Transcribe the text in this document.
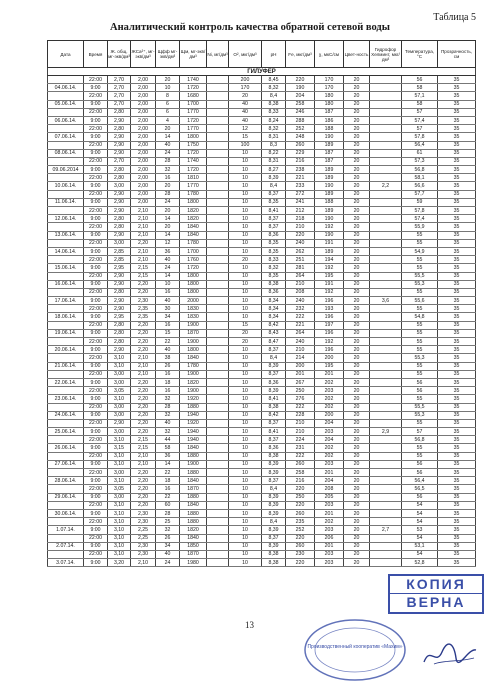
Таблица 5
Аналитический контроль качества обратной сетевой воды
Дата	Время	Ж. общ. мг-экв/дм³	ЖСа²⁺, мг-экв/дм³	Щфф мг-экв/дм³	Щм, мг-экв/дм³	Ni, мг/дм³	О², мкг/дм³	pH	Fe, мкг/дм³	χ, мкС/см	Цвет-ность	Гидрофор Хелминт, мкг/дм³	Температура, °С	Прозрачность, см
ГИЛУФЕР														
	22:00	2,70	2,00	20	1740		200	8,45	220	170	20		56	35
04.06.14.	9:00	2,70	2,00	10	1720		170	8,32	190	170	20		58	35
	22:00	2,70	2,00	8	1680		20	8,4	204	180	20		57,1	35
05.06.14.	9:00	2,70	2,00	6	1700		40	8,38	258	180	20		58	35
	22:00	2,80	2,00	6	1770		40	8,33	246	187	20		57	35
06.06.14.	9:00	2,90	2,00	4	1720		40	8,24	288	186	20		57,4	35
	22:00	2,80	2,00	20	1770		12	8,32	252	188	20		57	35
07.06.14.	9:00	2,90	2,00	14	1800		15	8,31	248	190	20		57,8	35
	22:00	2,90	2,00	40	1750		100	8,3	260	189	20		56,4	35
08.06.14.	9:00	2,90	2,00	24	1720		10	8,22	229	187	20		61	35
	22:00	2,70	2,00	28	1740		10	8,31	216	187	20		57,3	35
09.06.2014	9:00	2,80	2,00	32	1720		10	8,27	238	189	20		56,8	35
	22:00	2,80	2,00	16	1810		10	8,39	221	189	20		58,1	35
10.06.14.	9:00	3,00	2,00	20	1770		10	8,4	233	190	20	2,2	56,6	35
	22:00	2,90	2,00	28	1780		10	8,37	272	189	20		57,7	35
11.06.14.	9:00	2,90	2,00	24	1800		10	8,35	241	188	20		59	35
	22:00	2,90	2,10	20	1820		10	8,41	212	189	20		57,8	35
12.06.14.	9:00	2,80	2,10	14	1820		10	8,37	218	190	20		57,4	35
	22:00	2,80	2,10	20	1840		10	8,37	210	192	20		55,9	35
13.06.14.	9:00	2,90	2,10	14	1840		10	8,36	220	190	20		55	35
	22:00	3,00	2,20	12	1780		10	8,35	240	191	20		55	35
14.06.14.	9:00	2,85	2,10	36	1700		10	8,35	262	189	20		54,9	35
	22:00	2,85	2,10	40	1760		20	8,33	251	194	20		55	35
15.06.14.	9:00	2,95	2,15	24	1720		10	8,32	281	192	20		55	35
	22:00	2,90	2,15	14	1800		10	8,35	264	195	20		55,5	35
16.06.14.	9:00	2,90	2,20	10	1800		10	8,38	210	191	20		55,3	35
	22:00	2,80	2,20	16	1800		10	8,36	208	192	20		55	35
17.06.14.	9:00	2,90	2,30	40	2000		10	8,34	240	196	20	3,6	55,6	35
	22:00	2,90	2,35	30	1830		10	8,34	232	193	20		55	35
18.06.14.	9:00	2,95	2,35	34	1830		10	8,34	222	196	20		54,8	35
	22:00	2,80	2,20	16	1900		15	8,42	221	197	20		55	35
19.06.14.	9:00	2,80	2,20	15	1870		20	8,43	264	196	20		55	35
	22:00	2,80	2,20	22	1900		20	8,47	240	192	20		55	35
20.06.14.	9:00	2,90	2,20	40	1800		10	8,37	210	196	20		55	35
	22:00	3,10	2,10	38	1840		10	8,4	214	200	20		55,3	35
21.06.14.	9:00	3,10	2,10	26	1780		10	8,39	200	195	20		55	35
	22:00	3,00	2,10	16	1900		10	8,37	201	201	20		55	35
22.06.14.	9:00	3,00	2,20	18	1820		10	8,36	267	202	20		56	35
	22:00	3,05	2,20	16	1900		10	8,39	250	203	20		56	35
23.06.14.	9:00	3,10	2,20	32	1920		10	8,41	276	202	20		55	35
	22:00	3,00	2,20	28	1880		10	8,38	222	202	20		55,5	35
24.06.14.	9:00	3,00	2,20	32	1940		10	8,42	228	200	20		55,3	35
	22:00	2,90	2,20	40	1920		10	8,37	210	204	20		55	35
25.06.14.	9:00	3,00	2,20	32	1940		10	8,41	210	203	20	2,9	57	35
	22:00	3,10	2,15	44	1940		10	8,37	224	204	20		56,8	35
26.06.14.	9:00	3,15	2,15	58	1840		10	8,36	231	202	20		55	35
	22:00	3,10	2,10	36	1880		10	8,38	222	202	20		55	35
27.06.14.	9:00	3,10	2,10	14	1900		10	8,39	260	203	20		56	35
	22:00	3,00	2,20	22	1880		10	8,39	258	201	20		56	35
28.06.14.	9:00	3,10	2,20	18	1840		10	8,37	216	204	20		56,4	35
	22:00	3,05	2,20	16	1870		10	8,4	220	208	20		56,5	35
29.06.14.	9:00	3,00	2,20	22	1880		10	8,39	250	205	20		56	35
	22:00	3,10	2,20	60	1840		10	8,39	220	203	20		54	35
30.06.14.	9:00	3,10	2,30	28	1880		10	8,39	260	201	20		54	35
	22:00	3,10	2,30	25	1880		10	8,4	235	202	20		54	35
1.07.14.	9:00	3,10	2,25	32	1820		10	8,39	252	203	20	2,7	53	35
	22:00	3,10	2,25	26	1840		10	8,37	220	206	20		54	35
2.07.14.	9:00	3,10	2,30	34	1850		10	8,39	260	201	20		53,1	35
	22:00	3,10	2,30	40	1870		10	8,38	230	203	20		54	35
3.07.14.	9:00	3,20	2,10	24	1980		10	8,38	220	203	20		52,8	35
13
КОПИЯ
ВЕРНА
Производственный кооператив «Махим»
